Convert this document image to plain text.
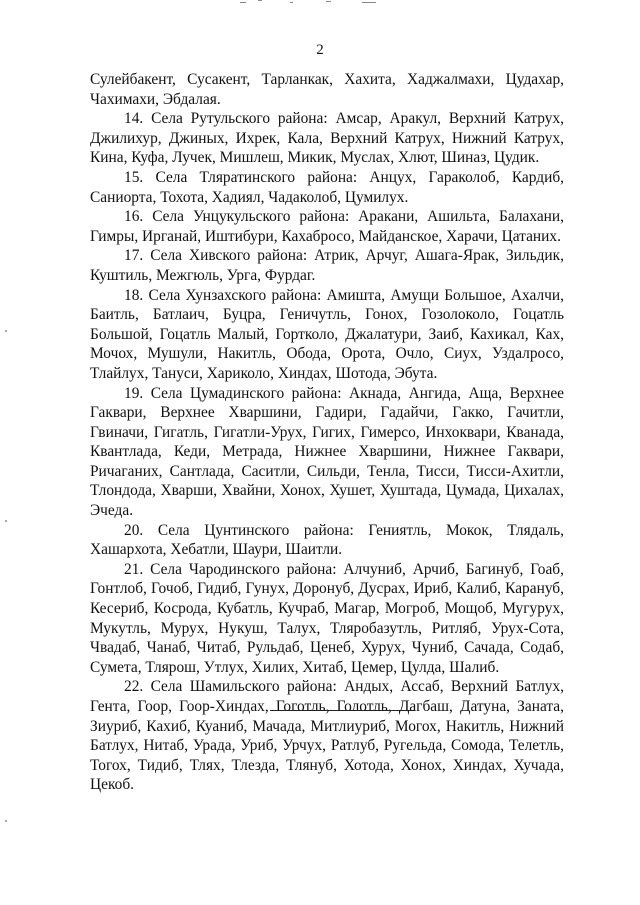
2

Сулейбакент, Сусакент, Тарланкак, Хахита, Хаджалмахи, Цудахар, Чахимахи, Эбдалая.

14. Села Рутульского района: Амсар, Аракул, Верхний Катрух, Джилихур, Джиных, Ихрек, Кала, Верхний Катрух, Нижний Катрух, Кина, Куфа, Лучек, Мишлеш, Микик, Муслах, Хлют, Шиназ, Цудик.

15. Села Тляратинского района: Анцух, Гараколоб, Кардиб, Саниорта, Тохота, Хадиял, Чадаколоб, Цумилух.

16. Села Унцукульского района: Аракани, Ашильта, Балахани, Гимры, Ирганай, Иштибури, Кахабросо, Майданское, Харачи, Цатаних.

17. Села Хивского района: Атрик, Арчуг, Ашага-Ярак, Зильдик, Куштиль, Межгюль, Урга, Фурдаг.

18. Села Хунзахского района: Амишта, Амущи Большое, Ахалчи, Баитль, Батлаич, Буцра, Геничутль, Гонох, Гозолоколо, Гоцатль Большой, Гоцатль Малый, Гортколо, Джалатури, Заиб, Кахикал, Ках, Мочох, Мушули, Накитль, Обода, Орота, Очло, Сиух, Уздалросо, Тлайлух, Тануси, Хариколо, Хиндах, Шотода, Эбута.

19. Села Цумадинского района: Акнада, Ангида, Аща, Верхнее Гаквари, Верхнее Хваршини, Гадири, Гадайчи, Гакко, Гачитли, Гвиначи, Гигатль, Гигатли-Урух, Гигих, Гимерсо, Инхоквари, Кванада, Квантлада, Кеди, Метрада, Нижнее Хваршини, Нижнее Гаквари, Ричаганих, Сантлада, Саситли, Сильди, Тенла, Тисси, Тисси-Ахитли, Тлондода, Хварши, Хвайни, Хонох, Хушет, Хуштада, Цумада, Цихалах, Эчеда.

20. Села Цунтинского района: Гениятль, Мокок, Тлядаль, Хашархота, Хебатли, Шаури, Шаитли.

21. Села Чародинского района: Алчуниб, Арчиб, Багинуб, Гоаб, Гонтлоб, Гочоб, Гидиб, Гунух, Доронуб, Дусрах, Ириб, Калиб, Карануб, Кесериб, Косрода, Кубатль, Кучраб, Магар, Могроб, Мощоб, Мугурух, Мукутль, Мурух, Нукуш, Талух, Тляробазутль, Ритляб, Урух-Сота, Чвадаб, Чанаб, Читаб, Рульдаб, Ценеб, Хурух, Чуниб, Сачада, Содаб, Сумета, Тлярош, Утлух, Хилих, Хитаб, Цемер, Цулда, Шалиб.

22. Села Шамильского района: Андых, Ассаб, Верхний Батлух, Гента, Гоор, Гоор-Хиндах, Гоготль, Голотль, Дагбаш, Датуна, Заната, Зиуриб, Кахиб, Куаниб, Мачада, Митлиуриб, Могох, Накитль, Нижний Батлух, Нитаб, Урада, Уриб, Урчух, Ратлуб, Ругельда, Сомода, Телетль, Тогох, Тидиб, Тлях, Тлезда, Тлянуб, Хотода, Хонох, Хиндах, Хучада, Цекоб.
